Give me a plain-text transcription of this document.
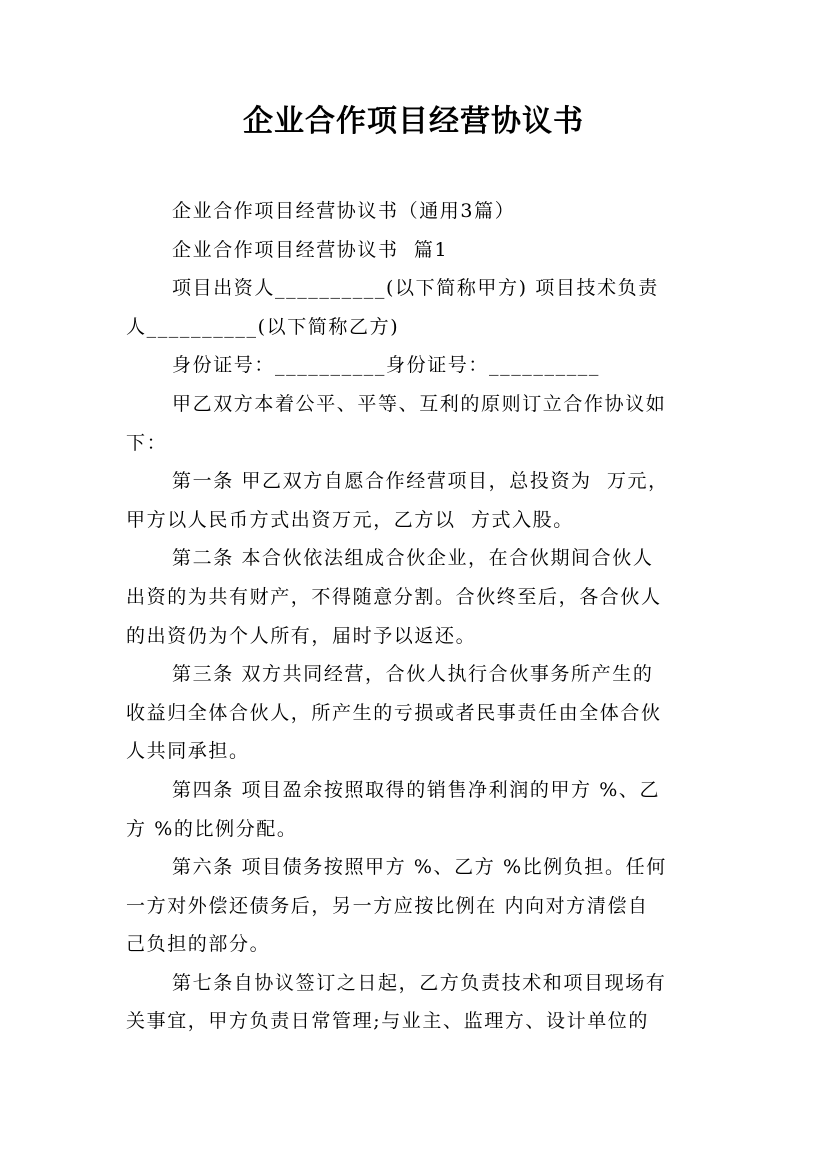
企业合作项目经营协议书

企业合作项目经营协议书（通用3篇）

企业合作项目经营协议书  篇1

项目出资人__________(以下简称甲方) 项目技术负责

人__________(以下简称乙方)

身份证号：__________身份证号：__________

甲乙双方本着公平、平等、互利的原则订立合作协议如

下：

第一条 甲乙双方自愿合作经营项目，总投资为  万元，

甲方以人民币方式出资万元，乙方以  方式入股。

第二条 本合伙依法组成合伙企业，在合伙期间合伙人

出资的为共有财产，不得随意分割。合伙终至后，各合伙人
的出资仍为个人所有，届时予以返还。

第三条 双方共同经营，合伙人执行合伙事务所产生的

收益归全体合伙人，所产生的亏损或者民事责任由全体合伙
人共同承担。

第四条 项目盈余按照取得的销售净利润的甲方 %、乙

方 %的比例分配。

第六条 项目债务按照甲方 %、乙方 %比例负担。任何

一方对外偿还债务后，另一方应按比例在 内向对方清偿自
己负担的部分。

第七条自协议签订之日起，乙方负责技术和项目现场有

关事宜，甲方负责日常管理;与业主、监理方、设计单位的
